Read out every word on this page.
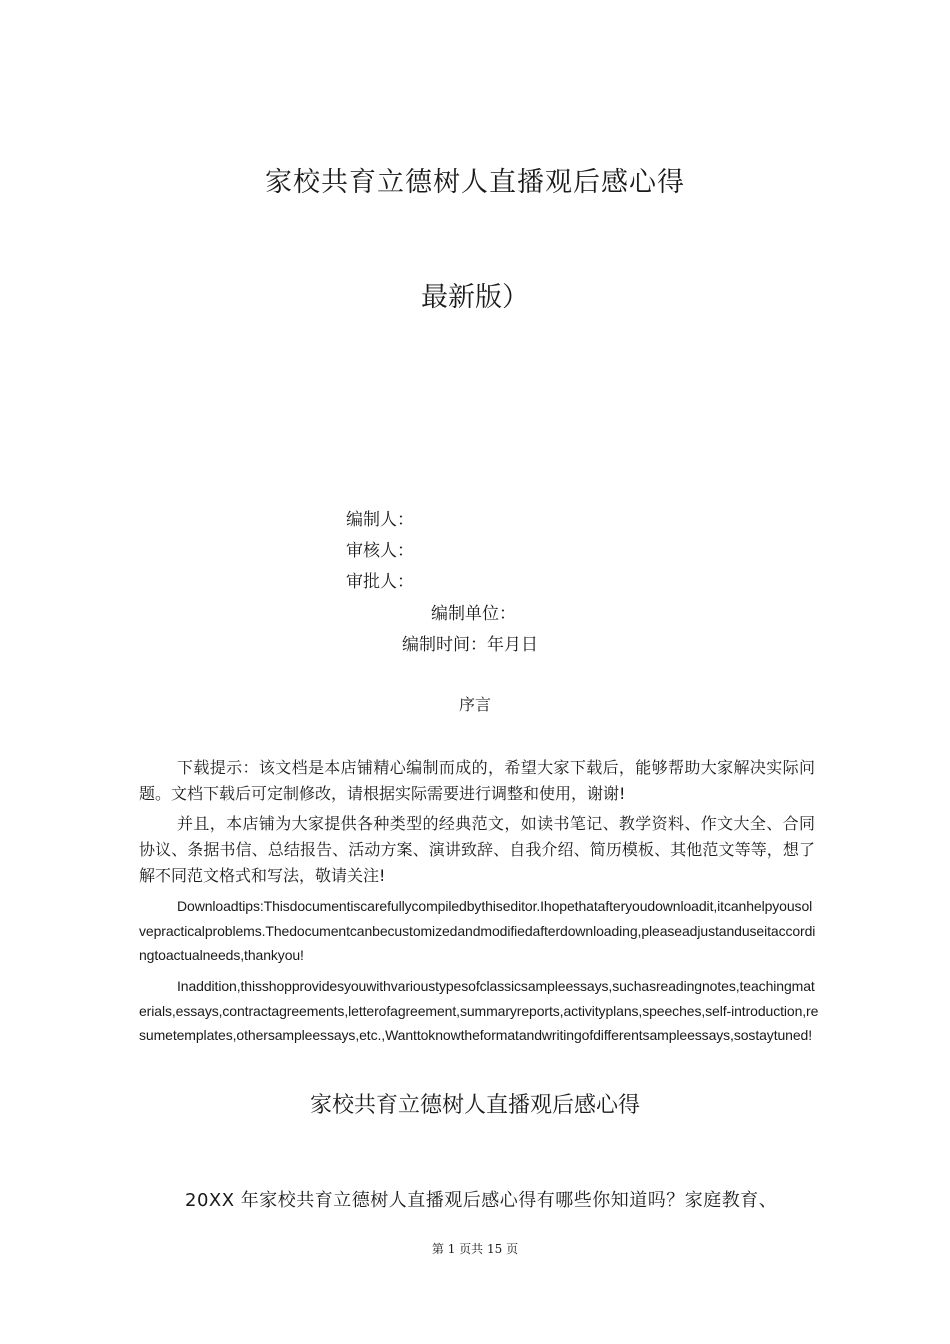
家校共育立德树人直播观后感心得
最新版）
编制人：
审核人：
审批人：
编制单位：
编制时间：年月日
序言

下载提示：该文档是本店铺精心编制而成的，希望大家下载后，能够帮助大家解决实际问题。文档下载后可定制修改，请根据实际需要进行调整和使用，谢谢!

并且，本店铺为大家提供各种类型的经典范文，如读书笔记、教学资料、作文大全、合同协议、条据书信、总结报告、活动方案、演讲致辞、自我介绍、简历模板、其他范文等等，想了解不同范文格式和写法，敬请关注!

Downloadtips:Thisdocumentiscarefullycompiledbythiseditor.Ihopethatafteryoudownloadit,itcanhelpyousolvepracticalproblems.Thedocumentcanbecustomizedandmodifiedafterdownloading,pleaseadjustanduseitaccordingtoactualneeds,thankyou!

Inaddition,thisshopprovidesyouwithvarioustypesofclassicsampleessays,suchasreadingnotes,teachingmaterials,essays,contractagreements,letterofagreement,summaryreports,activityplans,speeches,self-introduction,resumetemplates,othersampleessays,etc.,Wanttoknowtheformatandwritingofdifferentsampleessays,sostaytuned!

家校共育立德树人直播观后感心得
20XX 年家校共育立德树人直播观后感心得有哪些你知道吗？家庭教育、
第 1 页共 15 页
